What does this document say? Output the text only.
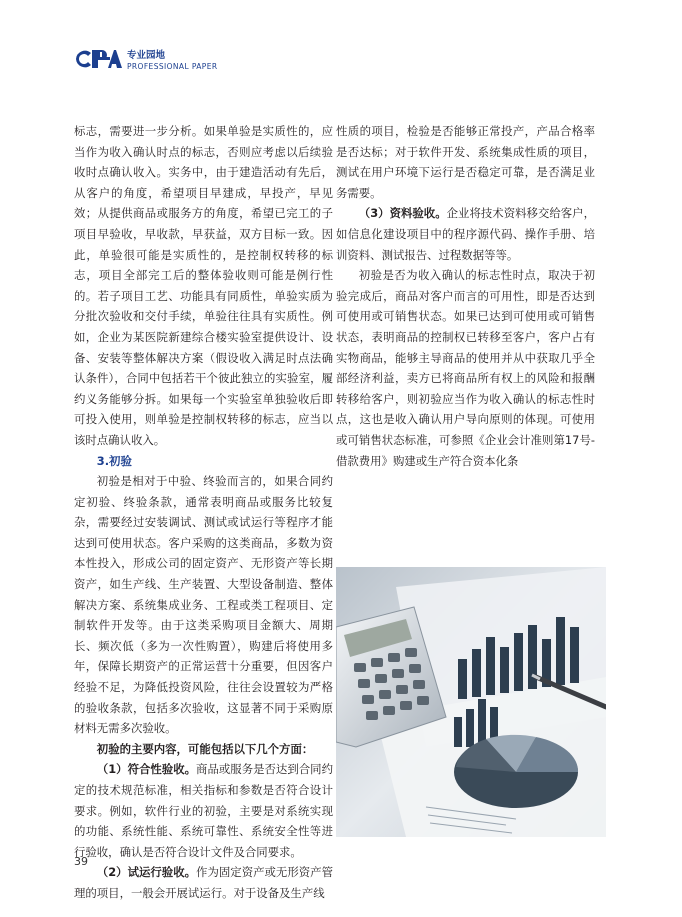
专业园地
PROFESSIONAL PAPER

标志，需要进一步分析。如果单验是实质性的，应当作为收入确认时点的标志，否则应考虑以后续验收时点确认收入。实务中，由于建造活动有先后，从客户的角度，希望项目早建成，早投产，早见效；从提供商品或服务方的角度，希望已完工的子项目早验收，早收款，早获益，双方目标一致。因此，单验很可能是实质性的，是控制权转移的标志，项目全部完工后的整体验收则可能是例行性的。若子项目工艺、功能具有同质性，单验实质为分批次验收和交付手续，单验往往具有实质性。例如，企业为某医院新建综合楼实验室提供设计、设备、安装等整体解决方案（假设收入满足时点法确认条件），合同中包括若干个彼此独立的实验室，履约义务能够分拆。如果每一个实验室单独验收后即可投入使用，则单验是控制权转移的标志，应当以该时点确认收入。

3.初验

初验是相对于中验、终验而言的，如果合同约定初验、终验条款，通常表明商品或服务比较复杂，需要经过安装调试、测试或试运行等程序才能达到可使用状态。客户采购的这类商品，多数为资本性投入，形成公司的固定资产、无形资产等长期资产，如生产线、生产装置、大型设备制造、整体解决方案、系统集成业务、工程或类工程项目、定制软件开发等。由于这类采购项目金额大、周期长、频次低（多为一次性购置），购建后将使用多年，保障长期资产的正常运营十分重要，但因客户经验不足，为降低投资风险，往往会设置较为严格的验收条款，包括多次验收，这显著不同于采购原材料无需多次验收。

初验的主要内容，可能包括以下几个方面：

（1）符合性验收。商品或服务是否达到合同约定的技术规范标准，相关指标和参数是否符合设计要求。例如，软件行业的初验，主要是对系统实现的功能、系统性能、系统可靠性、系统安全性等进行验收，确认是否符合设计文件及合同要求。

（2）试运行验收。作为固定资产或无形资产管理的项目，一般会开展试运行。对于设备及生产线

性质的项目，检验是否能够正常投产，产品合格率是否达标；对于软件开发、系统集成性质的项目，测试在用户环境下运行是否稳定可靠，是否满足业务需要。

（3）资料验收。企业将技术资料移交给客户，如信息化建设项目中的程序源代码、操作手册、培训资料、测试报告、过程数据等等。

初验是否为收入确认的标志性时点，取决于初验完成后，商品对客户而言的可用性，即是否达到可使用或可销售状态。如果已达到可使用或可销售状态，表明商品的控制权已转移至客户，客户占有实物商品，能够主导商品的使用并从中获取几乎全部经济利益，卖方已将商品所有权上的风险和报酬转移给客户，则初验应当作为收入确认的标志性时点，这也是收入确认用户导向原则的体现。可使用或可销售状态标准，可参照《企业会计准则第17号-借款费用》购建或生产符合资本化条

39
